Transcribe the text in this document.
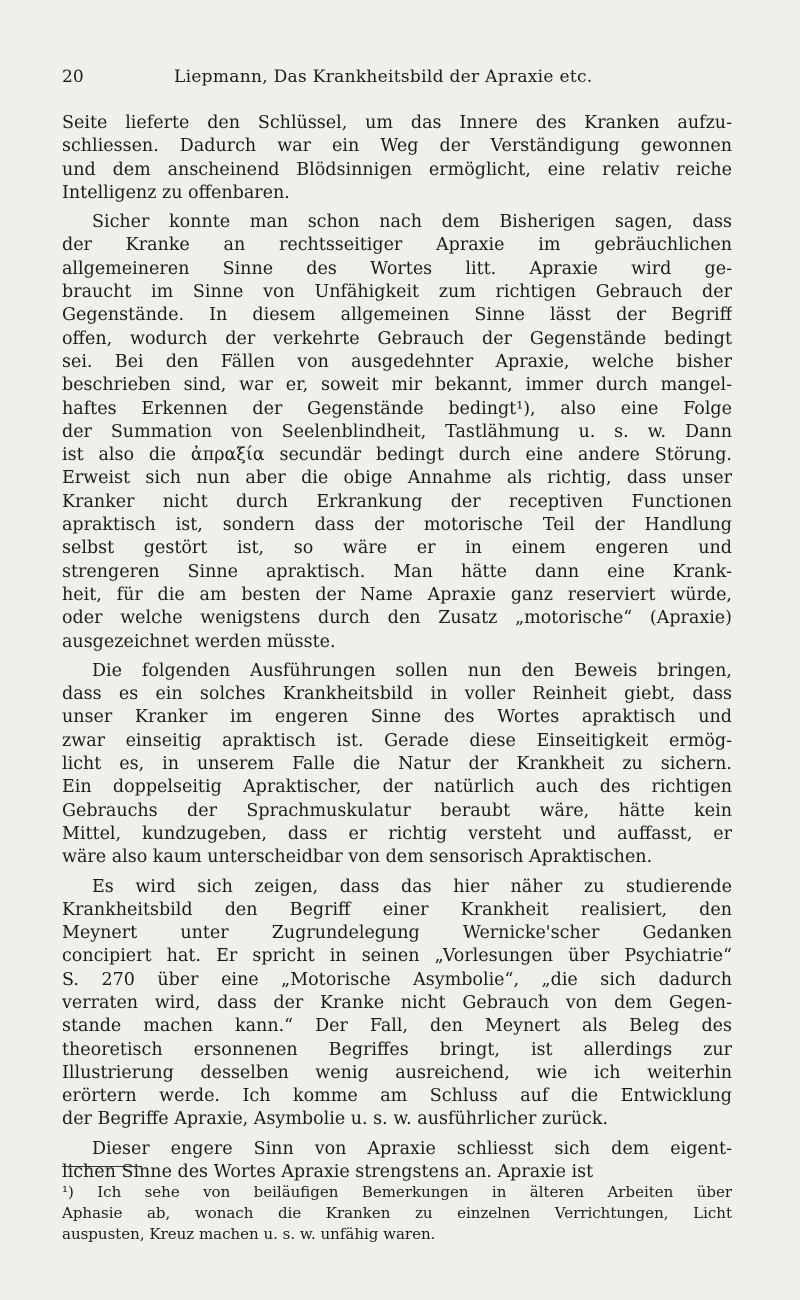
20	Liepmann, Das Krankheitsbild der Apraxie etc.
Seite lieferte den Schlüssel, um das Innere des Kranken aufzu-
schliessen. Dadurch war ein Weg der Verständigung gewonnen
und dem anscheinend Blödsinnigen ermöglicht, eine relativ reiche
Intelligenz zu offenbaren.
Sicher konnte man schon nach dem Bisherigen sagen, dass
der Kranke an rechtsseitiger Apraxie im gebräuchlichen
allgemeineren Sinne des Wortes litt. Apraxie wird ge-
braucht im Sinne von Unfähigkeit zum richtigen Gebrauch der
Gegenstände. In diesem allgemeinen Sinne lässt der Begriff
offen, wodurch der verkehrte Gebrauch der Gegenstände bedingt
sei. Bei den Fällen von ausgedehnter Apraxie, welche bisher
beschrieben sind, war er, soweit mir bekannt, immer durch mangel-
haftes Erkennen der Gegenstände bedingt¹), also eine Folge
der Summation von Seelenblindheit, Tastlähmung u. s. w. Dann
ist also die ἀπραξία secundär bedingt durch eine andere Störung.
Erweist sich nun aber die obige Annahme als richtig, dass unser
Kranker nicht durch Erkrankung der receptiven Functionen
apraktisch ist, sondern dass der motorische Teil der Handlung
selbst gestört ist, so wäre er in einem engeren und
strengeren Sinne apraktisch. Man hätte dann eine Krank-
heit, für die am besten der Name Apraxie ganz reserviert würde,
oder welche wenigstens durch den Zusatz „motorische“ (Apraxie)
ausgezeichnet werden müsste.
Die folgenden Ausführungen sollen nun den Beweis bringen,
dass es ein solches Krankheitsbild in voller Reinheit giebt, dass
unser Kranker im engeren Sinne des Wortes apraktisch und
zwar einseitig apraktisch ist. Gerade diese Einseitigkeit ermög-
licht es, in unserem Falle die Natur der Krankheit zu sichern.
Ein doppelseitig Apraktischer, der natürlich auch des richtigen
Gebrauchs der Sprachmuskulatur beraubt wäre, hätte kein
Mittel, kundzugeben, dass er richtig versteht und auffasst, er
wäre also kaum unterscheidbar von dem sensorisch Apraktischen.
Es wird sich zeigen, dass das hier näher zu studierende
Krankheitsbild den Begriff einer Krankheit realisiert, den
Meynert unter Zugrundelegung Wernicke'scher Gedanken
concipiert hat. Er spricht in seinen „Vorlesungen über Psychiatrie“
S. 270 über eine „Motorische Asymbolie“, „die sich dadurch
verraten wird, dass der Kranke nicht Gebrauch von dem Gegen-
stande machen kann.“ Der Fall, den Meynert als Beleg des
theoretisch ersonnenen Begriffes bringt, ist allerdings zur
Illustrierung desselben wenig ausreichend, wie ich weiterhin
erörtern werde. Ich komme am Schluss auf die Entwicklung
der Begriffe Apraxie, Asymbolie u. s. w. ausführlicher zurück.
Dieser engere Sinn von Apraxie schliesst sich dem eigent-
lichen Sinne des Wortes Apraxie strengstens an. Apraxie ist
¹) Ich sehe von beiläufigen Bemerkungen in älteren Arbeiten über
Aphasie ab, wonach die Kranken zu einzelnen Verrichtungen, Licht
auspusten, Kreuz machen u. s. w. unfähig waren.
